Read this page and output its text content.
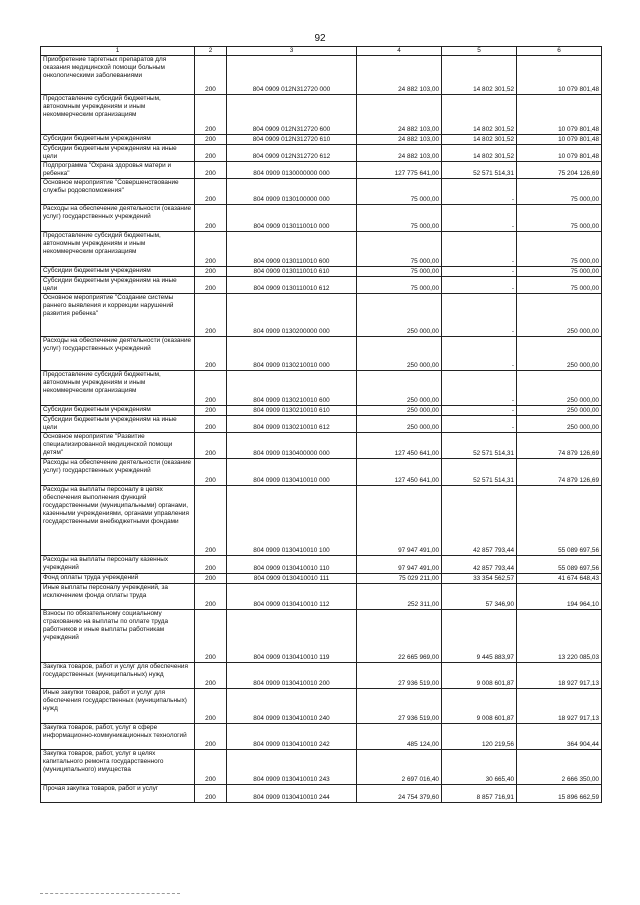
92
1	2	3	4	5	6
Приобретение таргетных препаратов для оказания медицинской помощи больным онкологическими заболеваниями	200	804 0909 012N312720 000	24 882 103,00	14 802 301,52	10 079 801,48
Предоставление субсидий бюджетным, автономным учреждениям и иным некоммерческим организациям	200	804 0909 012N312720 600	24 882 103,00	14 802 301,52	10 079 801,48
Субсидии бюджетным учреждениям	200	804 0909 012N312720 610	24 882 103,00	14 802 301,52	10 079 801,48
Субсидии бюджетным учреждениям на иные цели	200	804 0909 012N312720 612	24 882 103,00	14 802 301,52	10 079 801,48
Подпрограмма "Охрана здоровья матери и ребенка"	200	804 0909 0130000000 000	127 775 641,00	52 571 514,31	75 204 126,69
Основное мероприятие "Совершенствование службы родовспоможения"	200	804 0909 0130100000 000	75 000,00	-	75 000,00
Расходы на обеспечение деятельности (оказание услуг) государственных учреждений	200	804 0909 0130110010 000	75 000,00	-	75 000,00
Предоставление субсидий бюджетным, автономным учреждениям и иным некоммерческим организациям	200	804 0909 0130110010 600	75 000,00	-	75 000,00
Субсидии бюджетным учреждениям	200	804 0909 0130110010 610	75 000,00	-	75 000,00
Субсидии бюджетным учреждениям на иные цели	200	804 0909 0130110010 612	75 000,00	-	75 000,00
Основное мероприятие "Создание системы раннего выявления и коррекции нарушений развития ребенка"	200	804 0909 0130200000 000	250 000,00	-	250 000,00
Расходы на обеспечение деятельности (оказание услуг) государственных учреждений	200	804 0909 0130210010 000	250 000,00	-	250 000,00
Предоставление субсидий бюджетным, автономным учреждениям и иным некоммерческим организациям	200	804 0909 0130210010 600	250 000,00	-	250 000,00
Субсидии бюджетным учреждениям	200	804 0909 0130210010 610	250 000,00	-	250 000,00
Субсидии бюджетным учреждениям на иные цели	200	804 0909 0130210010 612	250 000,00	-	250 000,00
Основное мероприятие "Развитие специализированной медицинской помощи детям"	200	804 0909 0130400000 000	127 450 641,00	52 571 514,31	74 879 126,69
Расходы на обеспечение деятельности (оказание услуг) государственных учреждений	200	804 0909 0130410010 000	127 450 641,00	52 571 514,31	74 879 126,69
Расходы на выплаты персоналу в целях обеспечения выполнения функций государственными (муниципальными) органами, казенными учреждениями, органами управления государственными внебюджетными фондами	200	804 0909 0130410010 100	97 947 491,00	42 857 793,44	55 089 697,56
Расходы на выплаты персоналу казенных учреждений	200	804 0909 0130410010 110	97 947 491,00	42 857 793,44	55 089 697,56
Фонд оплаты труда учреждений	200	804 0909 0130410010 111	75 029 211,00	33 354 562,57	41 674 648,43
Иные выплаты персоналу учреждений, за исключением фонда оплаты труда	200	804 0909 0130410010 112	252 311,00	57 346,90	194 964,10
Взносы по обязательному социальному страхованию на выплаты по оплате труда работников и иные выплаты работникам учреждений	200	804 0909 0130410010 119	22 665 969,00	9 445 883,97	13 220 085,03
Закупка товаров, работ и услуг для обеспечения государственных (муниципальных) нужд	200	804 0909 0130410010 200	27 936 519,00	9 008 601,87	18 927 917,13
Иные закупки товаров, работ и услуг для обеспечения государственных (муниципальных) нужд	200	804 0909 0130410010 240	27 936 519,00	9 008 601,87	18 927 917,13
Закупка товаров, работ, услуг в сфере информационно-коммуникационных технологий	200	804 0909 0130410010 242	485 124,00	120 219,56	364 904,44
Закупка товаров, работ, услуг в целях капитального ремонта государственного (муниципального) имущества	200	804 0909 0130410010 243	2 697 016,40	30 665,40	2 666 350,00
Прочая закупка товаров, работ и услуг	200	804 0909 0130410010 244	24 754 379,60	8 857 716,91	15 896 662,59
